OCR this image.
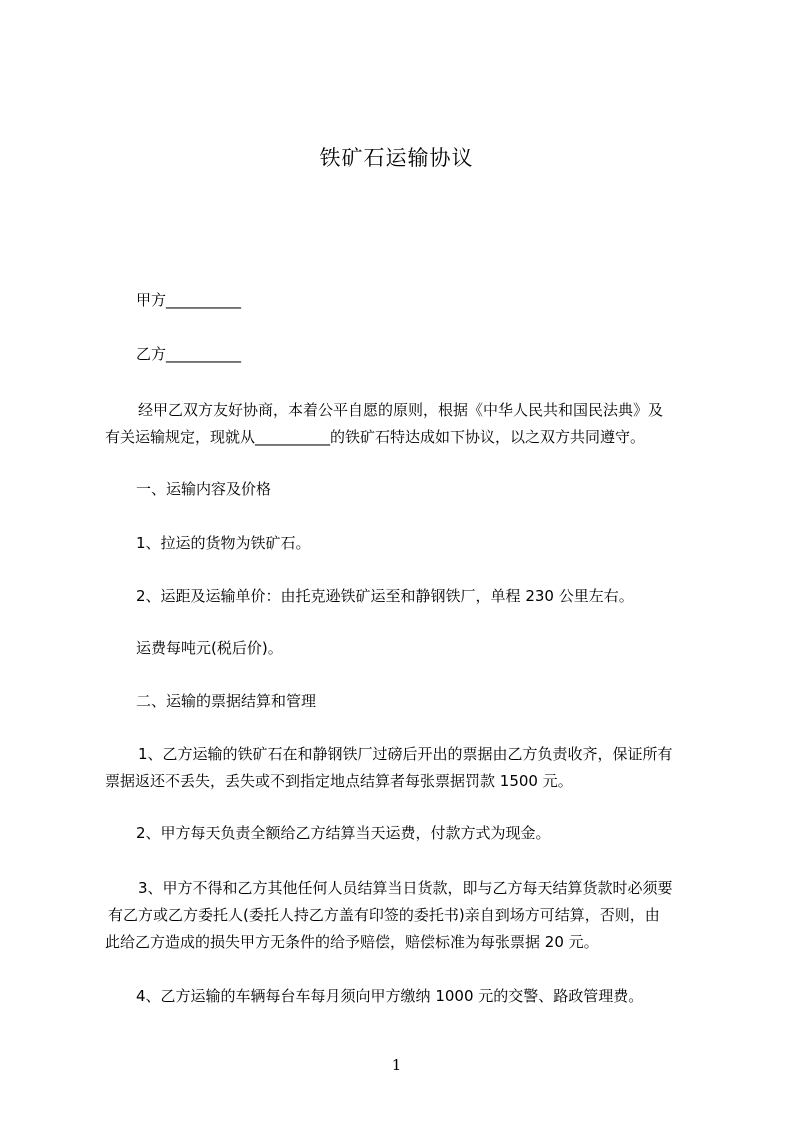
铁矿石运输协议
甲方__________
乙方__________
经甲乙双方友好协商，本着公平自愿的原则，根据《中华人民共和国民法典》及
有关运输规定，现就从__________的铁矿石特达成如下协议，以之双方共同遵守。
一、运输内容及价格
1、拉运的货物为铁矿石。
2、运距及运输单价：由托克逊铁矿运至和静钢铁厂，单程 230 公里左右。
运费每吨元(税后价)。
二、运输的票据结算和管理
1、乙方运输的铁矿石在和静钢铁厂过磅后开出的票据由乙方负责收齐，保证所有
票据返还不丢失，丢失或不到指定地点结算者每张票据罚款 1500 元。
2、甲方每天负责全额给乙方结算当天运费，付款方式为现金。
3、甲方不得和乙方其他任何人员结算当日货款，即与乙方每天结算货款时必须要
有乙方或乙方委托人(委托人持乙方盖有印签的委托书)亲自到场方可结算，否则，由
此给乙方造成的损失甲方无条件的给予赔偿，赔偿标准为每张票据 20 元。
4、乙方运输的车辆每台车每月须向甲方缴纳 1000 元的交警、路政管理费。
1
